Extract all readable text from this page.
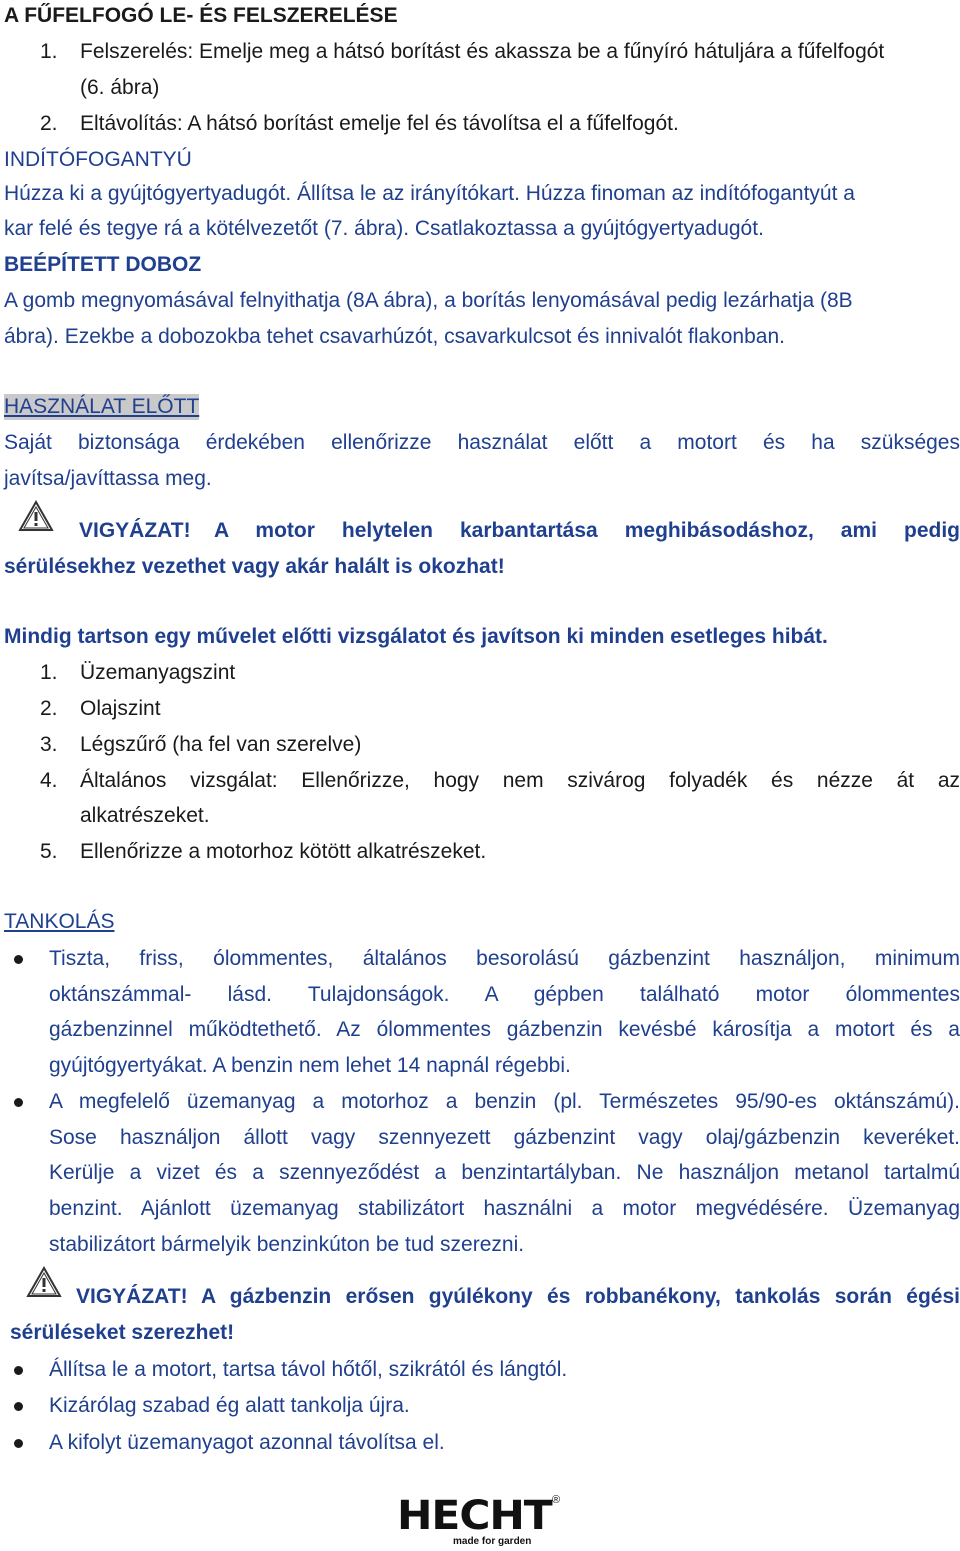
A FŰFELFOGÓ LE- ÉS FELSZERELÉSE
1. Felszerelés: Emelje meg a hátsó borítást és akassza be a fűnyíró hátuljára a fűfelfogót
(6. ábra)
2. Eltávolítás: A hátsó borítást emelje fel és távolítsa el a fűfelfogót.
INDÍTÓFOGANTYÚ
Húzza ki a gyújtógyertyadugót. Állítsa le az irányítókart. Húzza finoman az indítófogantyút a
kar felé és tegye rá a kötélvezetőt (7. ábra). Csatlakoztassa a gyújtógyertyadugót.
BEÉPÍTETT DOBOZ
A gomb megnyomásával felnyithatja (8A ábra), a borítás lenyomásával pedig lezárhatja (8B
ábra). Ezekbe a dobozokba tehet csavarhúzót, csavarkulcsot és innivalót flakonban.
HASZNÁLAT ELŐTT
Saját biztonsága érdekében ellenőrizze használat előtt a motort és ha szükséges
javítsa/javíttassa meg.
VIGYÁZAT! A motor helytelen karbantartása meghibásodáshoz, ami pedig
sérülésekhez vezethet vagy akár halált is okozhat!
Mindig tartson egy művelet előtti vizsgálatot és javítson ki minden esetleges hibát.
1. Üzemanyagszint
2. Olajszint
3. Légszűrő (ha fel van szerelve)
4. Általános vizsgálat: Ellenőrizze, hogy nem szivárog folyadék és nézze át az
alkatrészeket.
5. Ellenőrizze a motorhoz kötött alkatrészeket.
TANKOLÁS
Tiszta, friss, ólommentes, általános besorolású gázbenzint használjon, minimum
oktánszámmal- lásd. Tulajdonságok. A gépben található motor ólommentes
gázbenzinnel működtethető. Az ólommentes gázbenzin kevésbé károsítja a motort és a
gyújtógyertyákat. A benzin nem lehet 14 napnál régebbi.
A megfelelő üzemanyag a motorhoz a benzin (pl. Természetes 95/90-es oktánszámú).
Sose használjon állott vagy szennyezett gázbenzint vagy olaj/gázbenzin keveréket.
Kerülje a vizet és a szennyeződést a benzintartályban. Ne használjon metanol tartalmú
benzint. Ajánlott üzemanyag stabilizátort használni a motor megvédésére. Üzemanyag
stabilizátort bármelyik benzinkúton be tud szerezni.
VIGYÁZAT! A gázbenzin erősen gyúlékony és robbanékony, tankolás során égési
sérüléseket szerezhet!
Állítsa le a motort, tartsa távol hőtől, szikrától és lángtól.
Kizárólag szabad ég alatt tankolja újra.
A kifolyt üzemanyagot azonnal távolítsa el.
HECHT ®
made for garden
